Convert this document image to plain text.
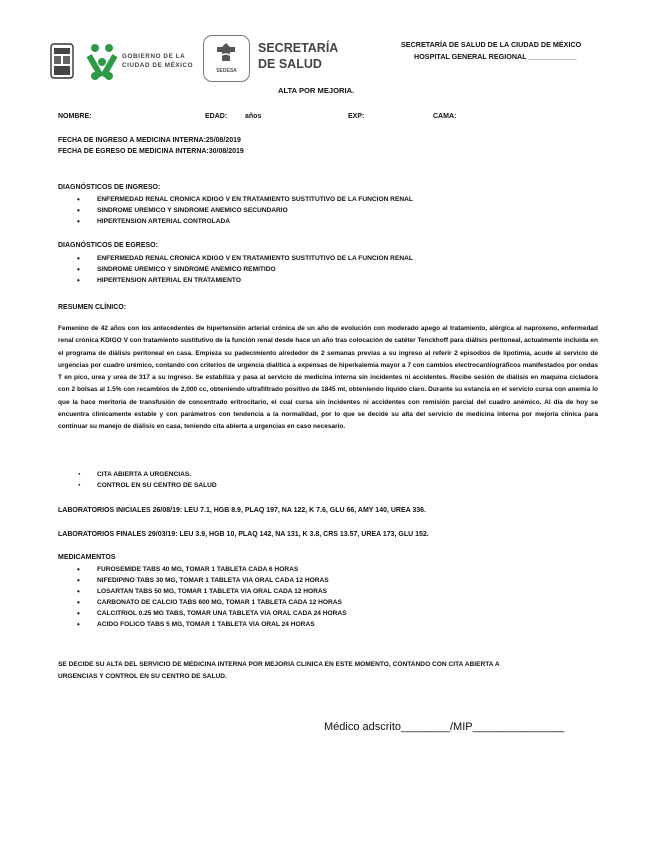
GOBIERNO DE LA
CIUDAD DE MÉXICO
SEDESA
SECRETARÍA
DE SALUD
SECRETARÍA DE SALUD DE LA CIUDAD DE MÉXICO
HOSPITAL GENERAL REGIONAL ____________
ALTA POR MEJORIA.
NOMBRE:	EDAD:	años	EXP:	CAMA:
FECHA DE INGRESO A MEDICINA INTERNA:25/08/2019
FECHA DE EGRESO DE MEDICINA INTERNA:30/08/2019
DIAGNÓSTICOS DE INGRESO:
• ENFERMEDAD RENAL CRONICA KDIGO V EN TRATAMIENTO SUSTITUTIVO DE LA FUNCION RENAL
• SINDROME UREMICO Y SINDROME ANEMICO SECUNDARIO
• HIPERTENSION ARTERIAL CONTROLADA
DIAGNÓSTICOS DE EGRESO:
• ENFERMEDAD RENAL CRONICA KDIGO V EN TRATAMIENTO SUSTITUTIVO DE LA FUNCION RENAL
• SINDROME UREMICO Y SINDROME ANEMICO REMITIDO
• HIPERTENSION ARTERIAL EN TRATAMIENTO
RESUMEN CLÍNICO:
Femenino de 42 años con los antecedentes de hipertensión arterial crónica de un año de evolución con moderado apego al tratamiento, alérgica al naproxeno, enfermedad renal crónica KDIGO V con tratamiento sustitutivo de la función renal desde hace un año tras colocación de catéter Tenckhoff para diálisis peritoneal, actualmente incluida en el programa de diálisis peritoneal en casa. Empieza su padecimiento alrededor de 2 semanas previas a su ingreso al referir 2 episodios de lipotimia, acude al servicio de urgencias por cuadro urémico, contando con criterios de urgencia dialítica a expensas de hiperkalemia mayor a 7 con cambios electrocardiográficos manifestados por ondas T en pico, urea y urea de 317 a su ingreso. Se estabiliza y pasa al servicio de medicina interna sin incidentes ni accidentes. Recibe sesión de diálisis en maquina cicladora con 2 bolsas al 1.5% con recambios de 2,000 cc, obteniendo ultrafiltrado positivo de 1845 ml, obteniendo líquido claro. Durante su estancia en el servicio cursa con anemia lo que la hace meritoria de transfusión de concentrado eritrocitario, el cual cursa sin incidentes ni accidentes con remisión parcial del cuadro anémico. Al día de hoy se encuentra clínicamente estable y con parámetros con tendencia a la normalidad, por lo que se decide su alta del servicio de medicina interna por mejoría clínica para continuar su manejo de diálisis en casa, teniendo cita abierta a urgencias en caso necesario.
· CITA ABIERTA A URGENCIAS.
· CONTROL EN SU CENTRO DE SALUD
LABORATORIOS INICIALES 26/08/19: LEU 7.1, HGB 8.9, PLAQ 197, NA 122, K 7.6, GLU 66, AMY 140, UREA 336.
LABORATORIOS FINALES 29/03/19: LEU 3.9, HGB 10, PLAQ 142, NA 131, K 3.8, CRS 13.57, UREA 173, GLU 152.
MEDICAMENTOS
• FUROSEMIDE TABS 40 MG, TOMAR 1 TABLETA CADA 6 HORAS
• NIFEDIPINO TABS 30 MG, TOMAR 1 TABLETA VIA ORAL CADA 12 HORAS
• LOSARTAN TABS 50 MG, TOMAR 1 TABLETA VIA ORAL CADA 12 HORAS
• CARBONATO DE CALCIO TABS 600 MG, TOMAR 1 TABLETA CADA 12 HORAS
• CALCITRIOL 0.25 MG TABS, TOMAR UNA TABLETA VIA ORAL CADA 24 HORAS
• ACIDO FOLICO TABS 5 MG, TOMAR 1 TABLETA VIA ORAL 24 HORAS
SE DECIDE SU ALTA DEL SERVICIO DE MEDICINA INTERNA POR MEJORIA CLINICA EN ESTE MOMENTO, CONTANDO CON CITA ABIERTA A
URGENCIAS Y CONTROL EN SU CENTRO DE SALUD.
Médico adscrito________/MIP_______________
